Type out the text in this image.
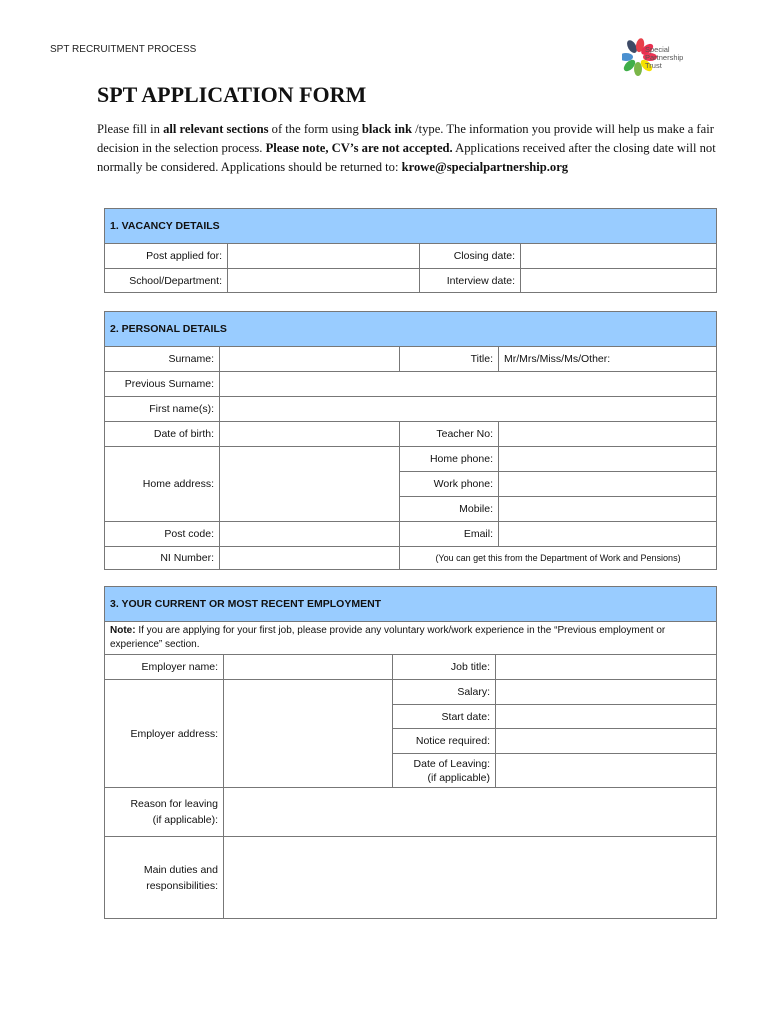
SPT RECRUITMENT PROCESS	Special
Partnership
Trust
SPT APPLICATION FORM
Please fill in all relevant sections of the form using black ink /type. The information you provide will help us make a fair decision in the selection process. Please note, CV’s are not accepted. Applications received after the closing date will not normally be considered. Applications should be returned to: krowe@specialpartnership.org
1. VACANCY DETAILS			
Post applied for:		Closing date:	
School/Department:		Interview date:	
2. PERSONAL DETAILS			
Surname:		Title:	Mr/Mrs/Miss/Ms/Other:
Previous Surname:			
First name(s):			
Date of birth:		Teacher No:	
Home address:		Home phone:	
		Work phone:	
		Mobile:	
Post code:		Email:	
NI Number:		(You can get this from the Department of Work and Pensions)	
3. YOUR CURRENT OR MOST RECENT EMPLOYMENT			
Note: If you are applying for your first job, please provide any voluntary work/work experience in the “Previous employment or experience” section.			
Employer name:		Job title:	
Employer address:		Salary:	
		Start date:	
		Notice required:	

		Date of Leaving:
(if applicable)	

Reason for leaving
(if applicable):			

Main duties and
responsibilities:			
